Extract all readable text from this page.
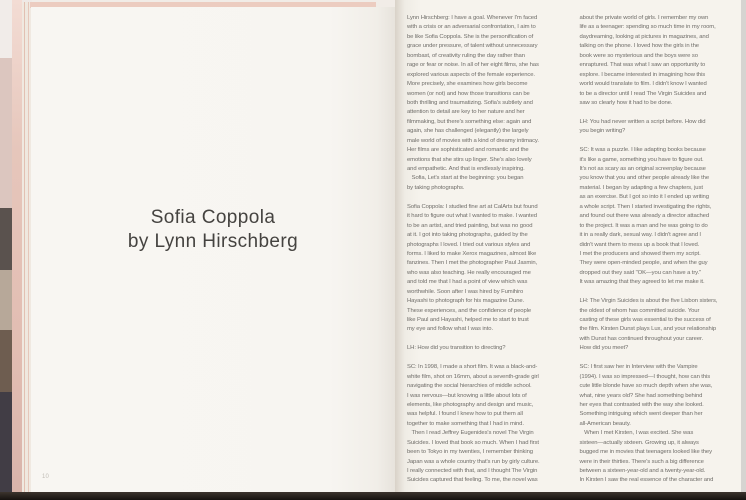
Sofia Coppola
by Lynn Hirschberg
10
Lynn Hirschberg: I have a goal. Whenever I'm faced
with a crisis or an adversarial confrontation, I aim to
be like Sofia Coppola. She is the personification of
grace under pressure, of talent without unnecessary
bombast, of creativity ruling the day rather than
rage or fear or noise. In all of her eight films, she has
explored various aspects of the female experience.
More precisely, she examines how girls become
women (or not) and how those transitions can be
both thrilling and traumatizing. Sofia's subtlety and
attention to detail are key to her nature and her
filmmaking, but there's something else: again and
again, she has challenged (elegantly) the largely
male world of movies with a kind of dreamy intimacy.
Her films are sophisticated and romantic and the
emotions that she stirs up linger. She's also lovely
and empathetic. And that is endlessly inspiring.
Sofia, Let's start at the beginning: you began
by taking photographs.

Sofia Coppola: I studied fine art at CalArts but found
it hard to figure out what I wanted to make. I wanted
to be an artist, and tried painting, but was no good
at it. I got into taking photographs, guided by the
photographs I loved. I tried out various styles and
forms. I liked to make Xerox magazines, almost like
fanzines. Then I met the photographer Paul Jasmin,
who was also teaching. He really encouraged me
and told me that I had a point of view which was
worthwhile. Soon after I was hired by Fumihiro
Hayashi to photograph for his magazine Dune.
These experiences, and the confidence of people
like Paul and Hayashi, helped me to start to trust
my eye and follow what I was into.

LH: How did you transition to directing?

SC: In 1998, I made a short film. It was a black-and-
white film, shot on 16mm, about a seventh-grade girl
navigating the social hierarchies of middle school.
I was nervous—but knowing a little about lots of
elements, like photography and design and music,
was helpful. I found I knew how to put them all
together to make something that I had in mind.
Then I read Jeffrey Eugenides's novel The Virgin
Suicides. I loved that book so much. When I had first
been to Tokyo in my twenties, I remember thinking
Japan was a whole country that's run by girly culture.
I really connected with that, and I thought The Virgin
Suicides captured that feeling. To me, the novel was
about the private world of girls. I remember my own
life as a teenager: spending so much time in my room,
daydreaming, looking at pictures in magazines, and
talking on the phone. I loved how the girls in the
book were so mysterious and the boys were so
enraptured. That was what I saw an opportunity to
explore. I became interested in imagining how this
world would translate to film. I didn't know I wanted
to be a director until I read The Virgin Suicides and
saw so clearly how it had to be done.

LH: You had never written a script before. How did
you begin writing?

SC: It was a puzzle. I like adapting books because
it's like a game, something you have to figure out.
It's not as scary as an original screenplay because
you know that you and other people already like the
material. I began by adapting a few chapters, just
as an exercise. But I got so into it I ended up writing
a whole script. Then I started investigating the rights,
and found out there was already a director attached
to the project. It was a man and he was going to do
it in a really dark, sexual way. I didn't agree and I
didn't want them to mess up a book that I loved.
I met the producers and showed them my script.
They were open-minded people, and when the guy
dropped out they said "OK—you can have a try."
It was amazing that they agreed to let me make it.

LH: The Virgin Suicides is about the five Lisbon sisters,
the oldest of whom has committed suicide. Your
casting of these girls was essential to the success of
the film. Kirsten Dunst plays Lux, and your relationship
with Dunst has continued throughout your career.
How did you meet?

SC: I first saw her in Interview with the Vampire
(1994). I was so impressed—I thought, how can this
cute little blonde have so much depth when she was,
what, nine years old? She had something behind
her eyes that contrasted with the way she looked.
Something intriguing which went deeper than her
all-American beauty.
When I met Kirsten, I was excited. She was
sixteen—actually sixteen. Growing up, it always
bugged me in movies that teenagers looked like they
were in their thirties. There's such a big difference
between a sixteen-year-old and a twenty-year-old.
In Kirsten I saw the real essence of the character and
